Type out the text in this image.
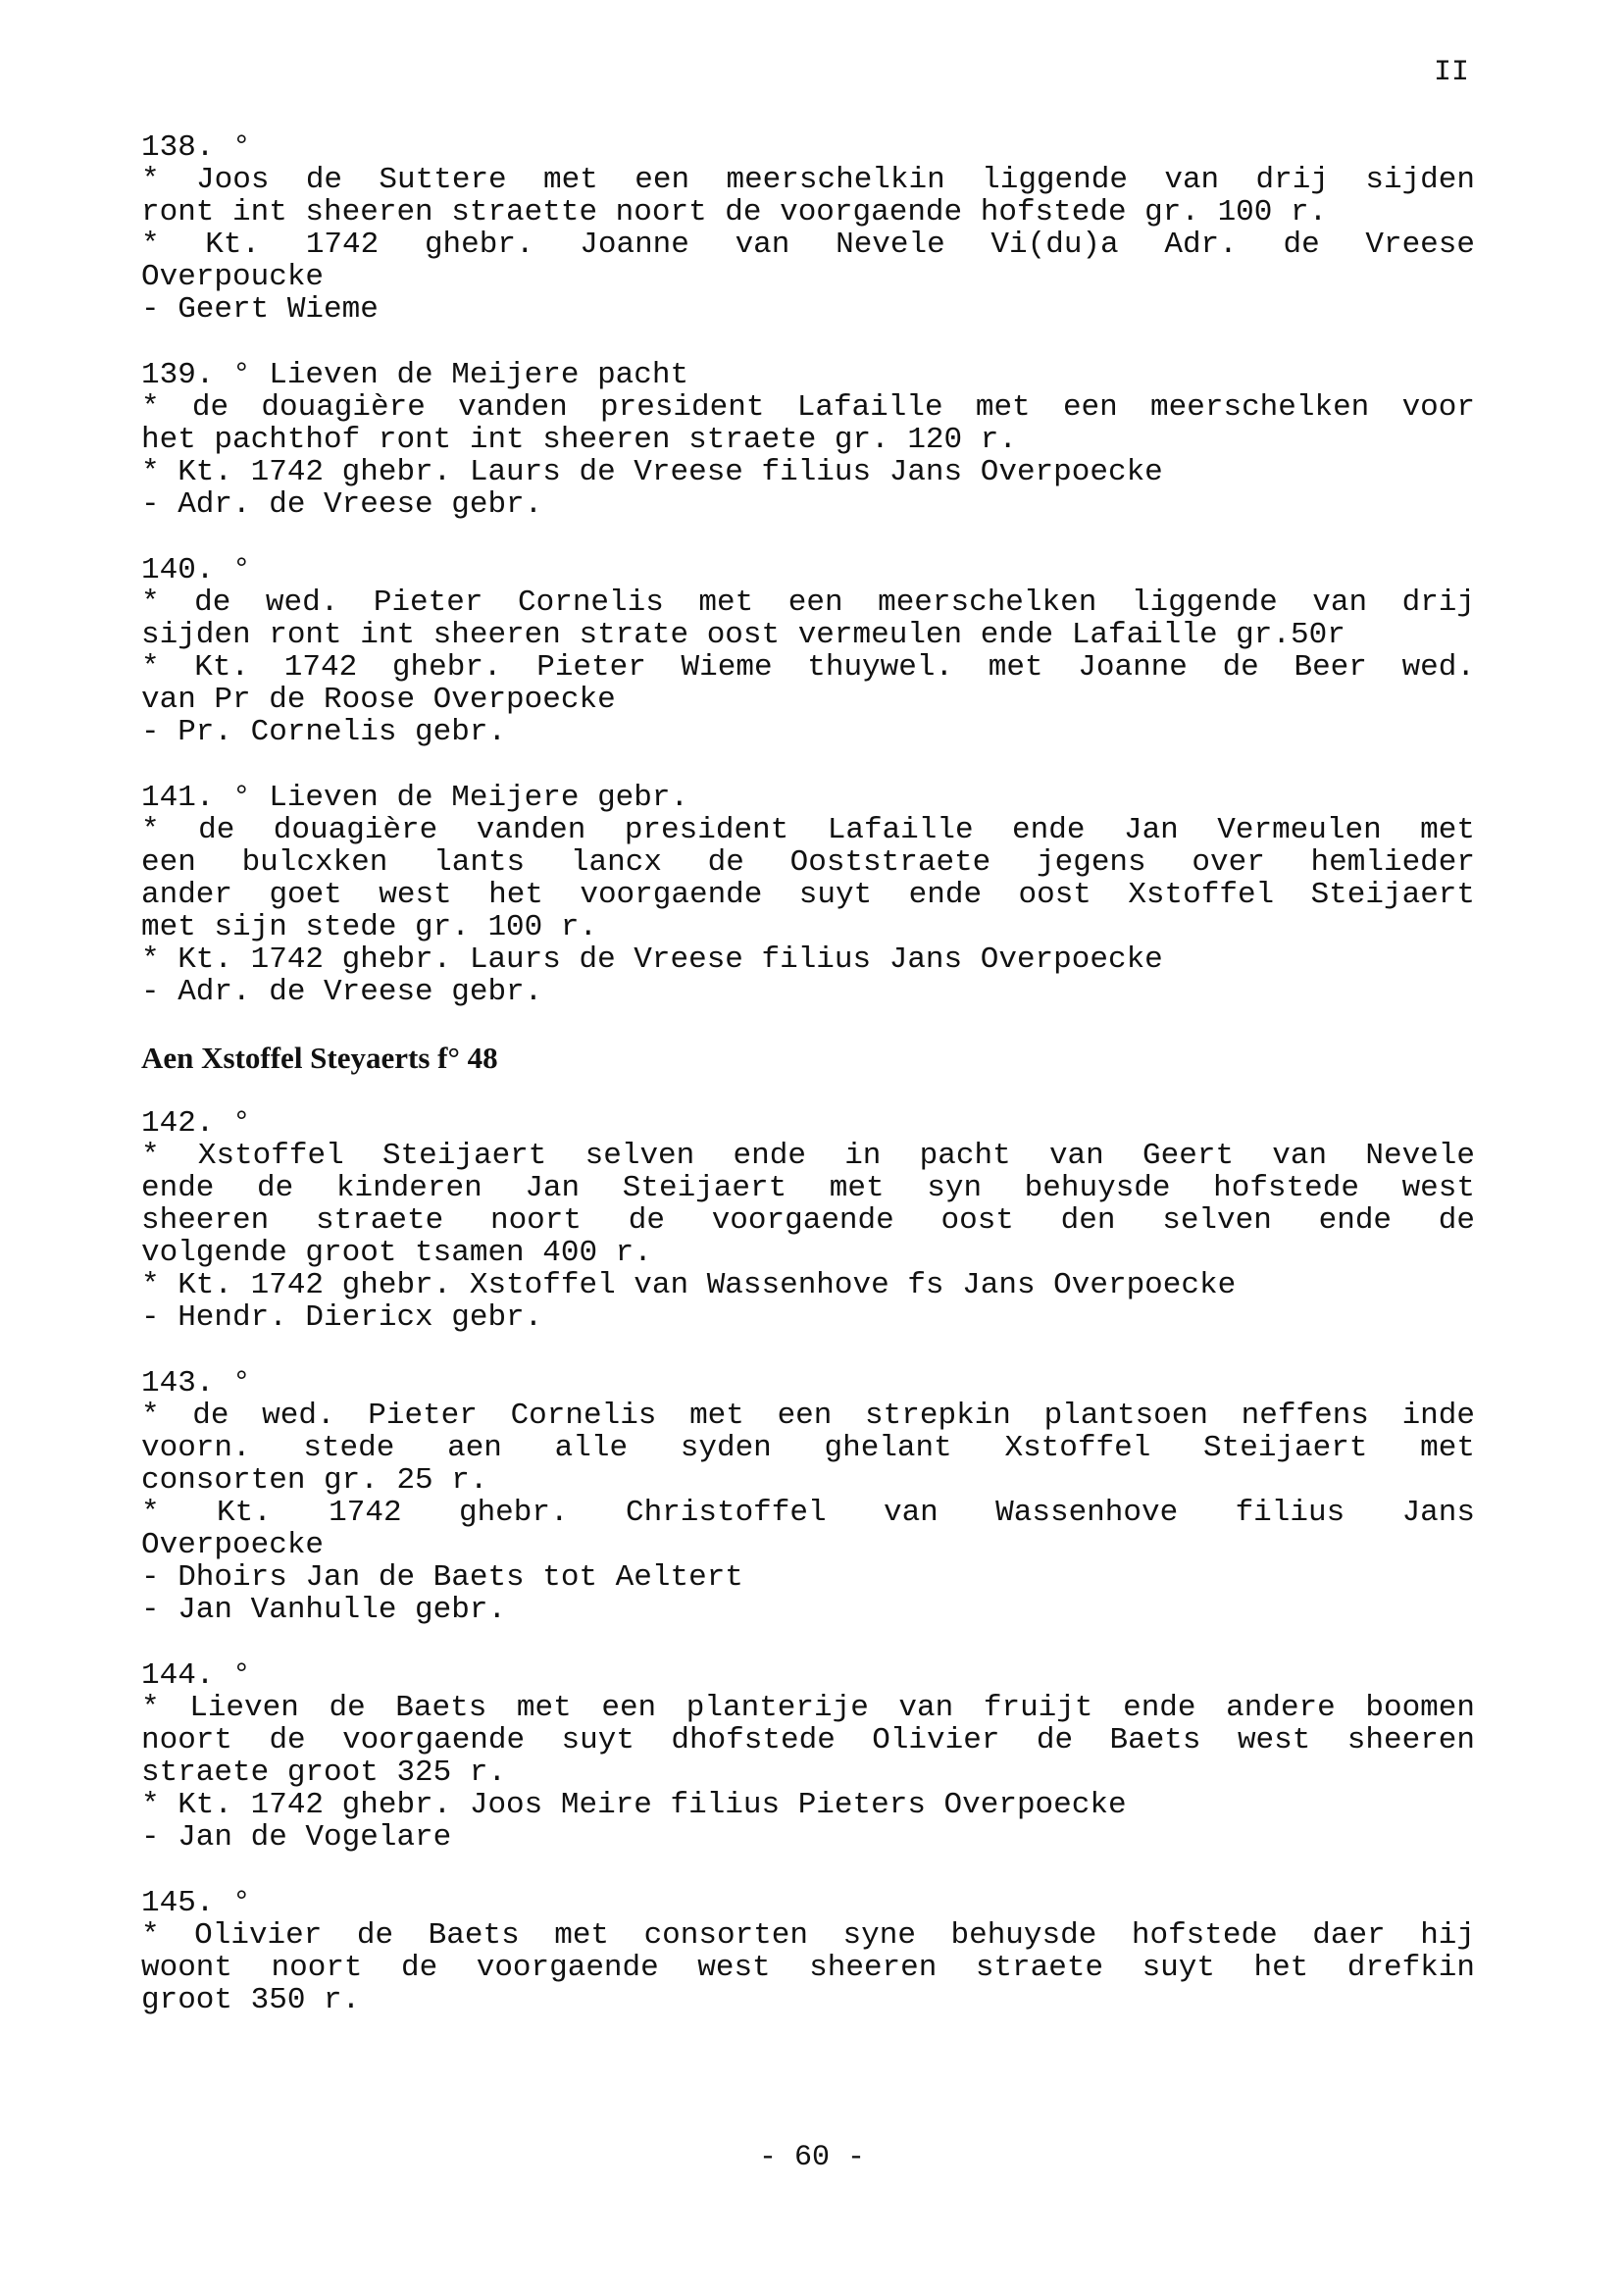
II
138. °
* Joos de Suttere met een meerschelkin liggende van drij sijden
ront int sheeren straette noort de voorgaende hofstede gr. 100 r.
* Kt. 1742 ghebr. Joanne van Nevele Vi(du)a Adr. de Vreese
Overpoucke
- Geert Wieme
139. ° Lieven de Meijere pacht
* de douagière vanden president Lafaille met een meerschelken voor
het pachthof ront int sheeren straete gr. 120 r.
* Kt. 1742 ghebr. Laurs de Vreese filius Jans Overpoecke
- Adr. de Vreese gebr.
140. °
* de wed. Pieter Cornelis met een meerschelken liggende van drij
sijden ront int sheeren strate oost vermeulen ende Lafaille gr.50r
* Kt. 1742 ghebr. Pieter Wieme thuywel. met Joanne de Beer wed.
van Pr de Roose Overpoecke
- Pr. Cornelis gebr.
141. ° Lieven de Meijere gebr.
* de douagière vanden president Lafaille ende Jan Vermeulen met
een bulcxken lants lancx de Ooststraete jegens over hemlieder
ander goet west het voorgaende suyt ende oost Xstoffel Steijaert
met sijn stede gr. 100 r.
* Kt. 1742 ghebr. Laurs de Vreese filius Jans Overpoecke
- Adr. de Vreese gebr.
Aen Xstoffel Steyaerts f° 48
142. °
* Xstoffel Steijaert selven ende in pacht van Geert van Nevele
ende de kinderen Jan Steijaert met syn behuysde hofstede west
sheeren straete noort de voorgaende oost den selven ende de
volgende groot tsamen 400 r.
* Kt. 1742 ghebr. Xstoffel van Wassenhove fs Jans Overpoecke
- Hendr. Diericx gebr.
143. °
* de wed. Pieter Cornelis met een strepkin plantsoen neffens inde
voorn. stede aen alle syden ghelant Xstoffel Steijaert met
consorten gr. 25 r.
* Kt. 1742 ghebr. Christoffel van Wassenhove filius Jans
Overpoecke
- Dhoirs Jan de Baets tot Aeltert
- Jan Vanhulle gebr.
144. °
* Lieven de Baets met een planterije van fruijt ende andere boomen
noort de voorgaende suyt dhofstede Olivier de Baets west sheeren
straete groot 325 r.
* Kt. 1742 ghebr. Joos Meire filius Pieters Overpoecke
- Jan de Vogelare
145. °
* Olivier de Baets met consorten syne behuysde hofstede daer hij
woont noort de voorgaende west sheeren straete suyt het drefkin
groot 350 r.
- 60 -
